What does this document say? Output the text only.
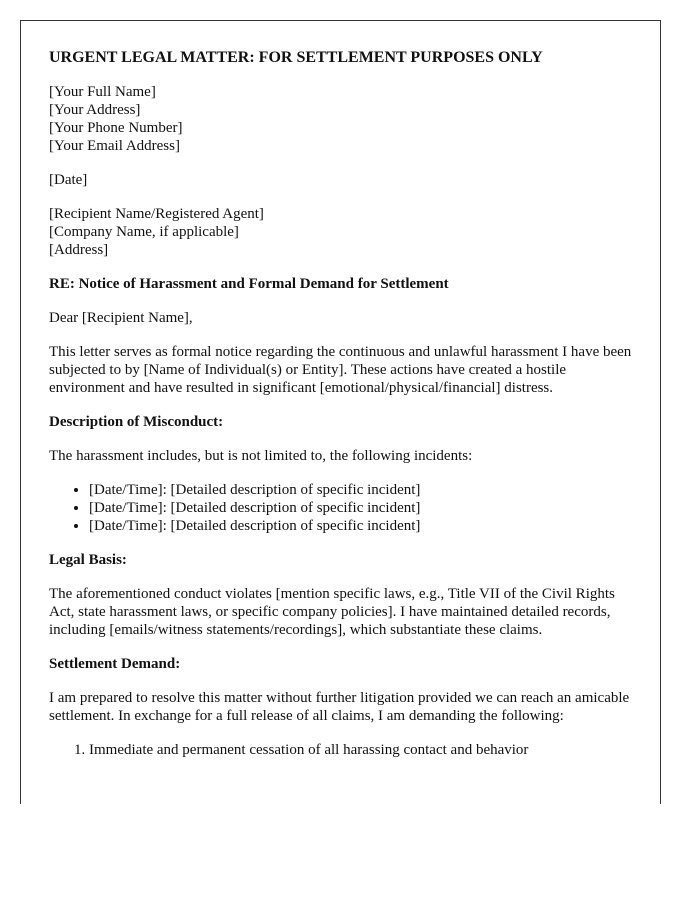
URGENT LEGAL MATTER: FOR SETTLEMENT PURPOSES ONLY

[Your Full Name]
[Your Address]
[Your Phone Number]
[Your Email Address]

[Date]

[Recipient Name/Registered Agent]
[Company Name, if applicable]
[Address]

RE: Notice of Harassment and Formal Demand for Settlement

Dear [Recipient Name],

This letter serves as formal notice regarding the continuous and unlawful harassment I have been subjected to by [Name of Individual(s) or Entity]. These actions have created a hostile environment and have resulted in significant [emotional/physical/financial] distress.

Description of Misconduct:

The harassment includes, but is not limited to, the following incidents:

• [Date/Time]: [Detailed description of specific incident]
• [Date/Time]: [Detailed description of specific incident]
• [Date/Time]: [Detailed description of specific incident]

Legal Basis:

The aforementioned conduct violates [mention specific laws, e.g., Title VII of the Civil Rights Act, state harassment laws, or specific company policies]. I have maintained detailed records, including [emails/witness statements/recordings], which substantiate these claims.

Settlement Demand:

I am prepared to resolve this matter without further litigation provided we can reach an amicable settlement. In exchange for a full release of all claims, I am demanding the following:

1. Immediate and permanent cessation of all harassing contact and behavior
